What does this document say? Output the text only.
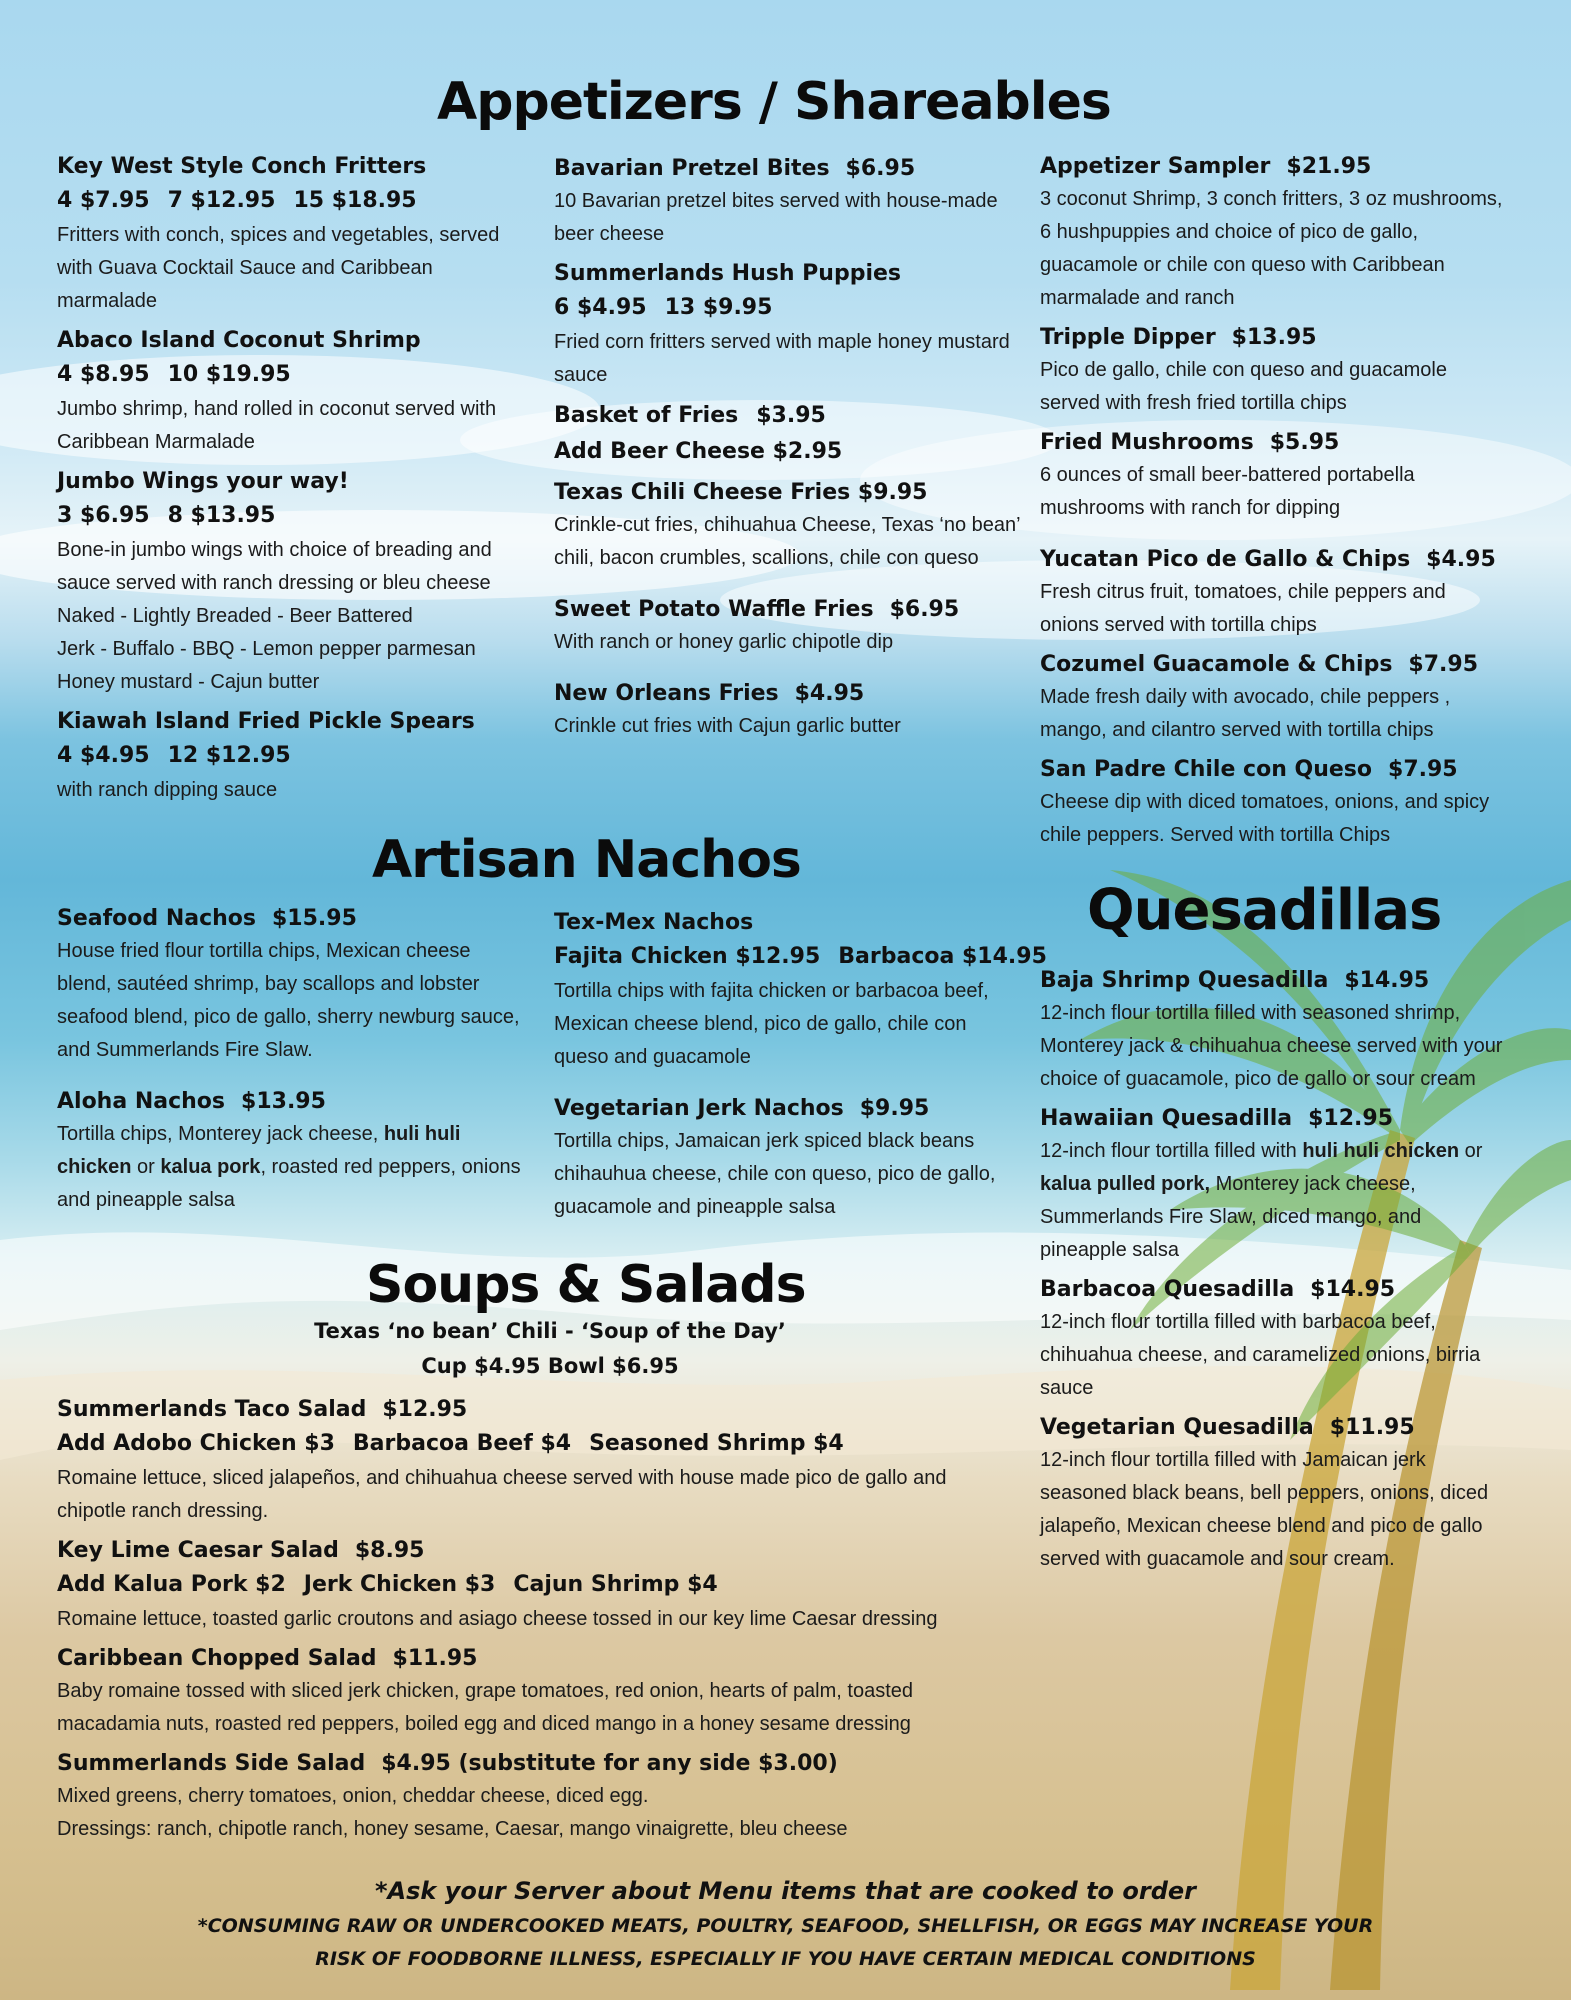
Appetizers / Shareables
Key West Style Conch Fritters
4 $7.95 7 $12.95 15 $18.95
Fritters with conch, spices and vegetables, served with Guava Cocktail Sauce and Caribbean marmalade
Abaco Island Coconut Shrimp
4 $8.95 10 $19.95
Jumbo shrimp, hand rolled in coconut served with Caribbean Marmalade
Jumbo Wings your way!
3 $6.95 8 $13.95
Bone-in jumbo wings with choice of breading and sauce served with ranch dressing or bleu cheese
Naked - Lightly Breaded - Beer Battered
Jerk - Buffalo - BBQ - Lemon pepper parmesan
Honey mustard - Cajun butter
Kiawah Island Fried Pickle Spears
4 $4.95 12 $12.95
with ranch dipping sauce
Bavarian Pretzel Bites $6.95
10 Bavarian pretzel bites served with house-made beer cheese
Summerlands Hush Puppies
6 $4.95 13 $9.95
Fried corn fritters served with maple honey mustard sauce
Basket of Fries $3.95
Add Beer Cheese $2.95
Texas Chili Cheese Fries $9.95
Crinkle-cut fries, chihuahua Cheese, Texas ‘no bean’ chili, bacon crumbles, scallions, chile con queso
Sweet Potato Waffle Fries $6.95
With ranch or honey garlic chipotle dip
New Orleans Fries $4.95
Crinkle cut fries with Cajun garlic butter
Appetizer Sampler $21.95
3 coconut Shrimp, 3 conch fritters, 3 oz mushrooms, 6 hushpuppies and choice of pico de gallo, guacamole or chile con queso with Caribbean marmalade and ranch
Tripple Dipper $13.95
Pico de gallo, chile con queso and guacamole served with fresh fried tortilla chips
Fried Mushrooms $5.95
6 ounces of small beer-battered portabella mushrooms with ranch for dipping
Yucatan Pico de Gallo & Chips $4.95
Fresh citrus fruit, tomatoes, chile peppers and onions served with tortilla chips
Cozumel Guacamole & Chips $7.95
Made fresh daily with avocado, chile peppers , mango, and cilantro served with tortilla chips
San Padre Chile con Queso $7.95
Cheese dip with diced tomatoes, onions, and spicy chile peppers. Served with tortilla Chips
Artisan Nachos
Seafood Nachos $15.95
House fried flour tortilla chips, Mexican cheese blend, sautéed shrimp, bay scallops and lobster seafood blend, pico de gallo, sherry newburg sauce, and Summerlands Fire Slaw.
Aloha Nachos $13.95
Tortilla chips, Monterey jack cheese, huli huli chicken or kalua pork, roasted red peppers, onions and pineapple salsa
Tex-Mex Nachos
Fajita Chicken $12.95 Barbacoa $14.95
Tortilla chips with fajita chicken or barbacoa beef, Mexican cheese blend, pico de gallo, chile con queso and guacamole
Vegetarian Jerk Nachos $9.95
Tortilla chips, Jamaican jerk spiced black beans chihauhua cheese, chile con queso, pico de gallo, guacamole and pineapple salsa
Quesadillas
Baja Shrimp Quesadilla $14.95
12-inch flour tortilla filled with seasoned shrimp, Monterey jack & chihuahua cheese served with your choice of guacamole, pico de gallo or sour cream
Hawaiian Quesadilla $12.95
12-inch flour tortilla filled with huli huli chicken or kalua pulled pork, Monterey jack cheese, Summerlands Fire Slaw, diced mango, and pineapple salsa
Barbacoa Quesadilla $14.95
12-inch flour tortilla filled with barbacoa beef, chihuahua cheese, and caramelized onions, birria sauce
Vegetarian Quesadilla $11.95
12-inch flour tortilla filled with Jamaican jerk seasoned black beans, bell peppers, onions, diced jalapeño, Mexican cheese blend and pico de gallo served with guacamole and sour cream.
Soups & Salads
Texas ‘no bean’ Chili - ‘Soup of the Day’
Cup $4.95 Bowl $6.95
Summerlands Taco Salad $12.95
Add Adobo Chicken $3 Barbacoa Beef $4 Seasoned Shrimp $4
Romaine lettuce, sliced jalapeños, and chihuahua cheese served with house made pico de gallo and chipotle ranch dressing.
Key Lime Caesar Salad $8.95
Add Kalua Pork $2 Jerk Chicken $3 Cajun Shrimp $4
Romaine lettuce, toasted garlic croutons and asiago cheese tossed in our key lime Caesar dressing
Caribbean Chopped Salad $11.95
Baby romaine tossed with sliced jerk chicken, grape tomatoes, red onion, hearts of palm, toasted macadamia nuts, roasted red peppers, boiled egg and diced mango in a honey sesame dressing
Summerlands Side Salad $4.95 (substitute for any side $3.00)
Mixed greens, cherry tomatoes, onion, cheddar cheese, diced egg.
Dressings: ranch, chipotle ranch, honey sesame, Caesar, mango vinaigrette, bleu cheese
*Ask your Server about Menu items that are cooked to order
*CONSUMING RAW OR UNDERCOOKED MEATS, POULTRY, SEAFOOD, SHELLFISH, OR EGGS MAY INCREASE YOUR
RISK OF FOODBORNE ILLNESS, ESPECIALLY IF YOU HAVE CERTAIN MEDICAL CONDITIONS
